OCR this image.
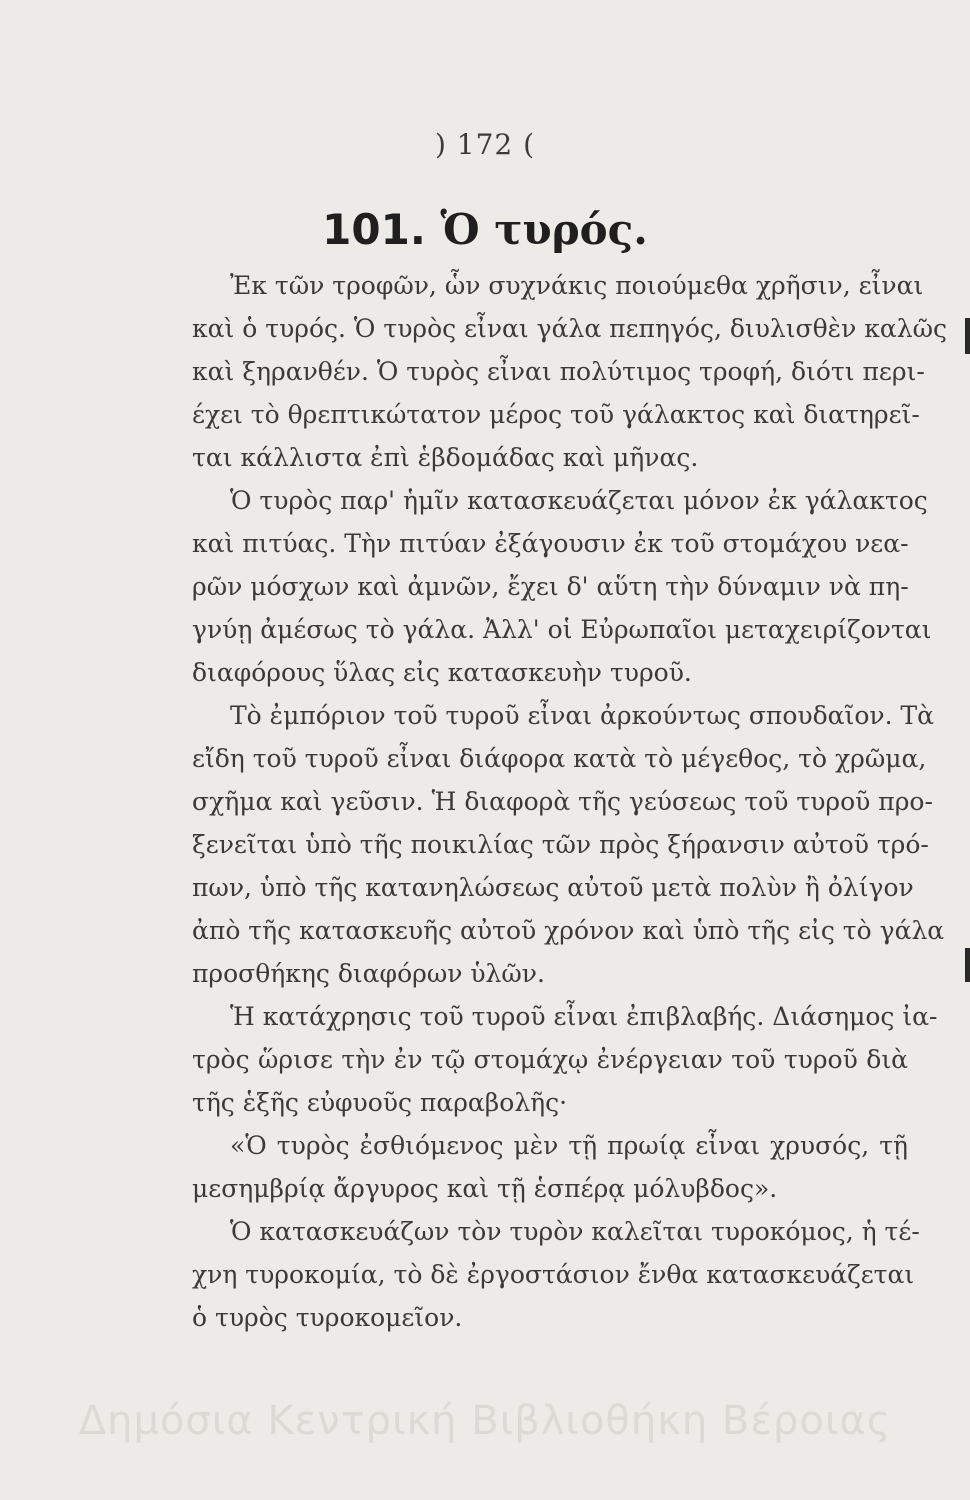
) 172 (
101. Ὁ τυρός.
Ἐκ τῶν τροφῶν, ὧν συχνάκις ποιούμεθα χρῆσιν, εἶναι
καὶ ὁ τυρός. Ὁ τυρὸς εἶναι γάλα πεπηγός, διυλισθὲν καλῶς
καὶ ξηρανθέν. Ὁ τυρὸς εἶναι πολύτιμος τροφή, διότι περι-
έχει τὸ θρεπτικώτατον μέρος τοῦ γάλακτος καὶ διατηρεῖ-
ται κάλλιστα ἐπὶ ἑβδομάδας καὶ μῆνας.
Ὁ τυρὸς παρ' ἡμῖν κατασκευάζεται μόνον ἐκ γάλακτος
καὶ πιτύας. Τὴν πιτύαν ἐξάγουσιν ἐκ τοῦ στομάχου νεα-
ρῶν μόσχων καὶ ἀμνῶν, ἔχει δ' αὕτη τὴν δύναμιν νὰ πη-
γνύῃ ἀμέσως τὸ γάλα. Ἀλλ' οἱ Εὐρωπαῖοι μεταχειρίζονται
διαφόρους ὕλας εἰς κατασκευὴν τυροῦ.
Τὸ ἐμπόριον τοῦ τυροῦ εἶναι ἀρκούντως σπουδαῖον. Τὰ
εἴδη τοῦ τυροῦ εἶναι διάφορα κατὰ τὸ μέγεθος, τὸ χρῶμα,
σχῆμα καὶ γεῦσιν. Ἡ διαφορὰ τῆς γεύσεως τοῦ τυροῦ προ-
ξενεῖται ὑπὸ τῆς ποικιλίας τῶν πρὸς ξήρανσιν αὐτοῦ τρό-
πων, ὑπὸ τῆς κατανηλώσεως αὐτοῦ μετὰ πολὺν ἢ ὀλίγον
ἀπὸ τῆς κατασκευῆς αὐτοῦ χρόνον καὶ ὑπὸ τῆς εἰς τὸ γάλα
προσθήκης διαφόρων ὑλῶν.
Ἡ κατάχρησις τοῦ τυροῦ εἶναι ἐπιβλαβής. Διάσημος ἰα-
τρὸς ὥρισε τὴν ἐν τῷ στομάχῳ ἐνέργειαν τοῦ τυροῦ διὰ
τῆς ἑξῆς εὐφυοῦς παραβολῆς·
«Ὁ τυρὸς ἐσθιόμενος μὲν τῇ πρωίᾳ εἶναι χρυσός, τῇ
μεσημβρίᾳ ἄργυρος καὶ τῇ ἑσπέρᾳ μόλυβδος».
Ὁ κατασκευάζων τὸν τυρὸν καλεῖται τυροκόμος, ἡ τέ-
χνη τυροκομία, τὸ δὲ ἐργοστάσιον ἔνθα κατασκευάζεται
ὁ τυρὸς τυροκομεῖον.
Δημόσια Κεντρική Βιβλιοθήκη Βέροιας
